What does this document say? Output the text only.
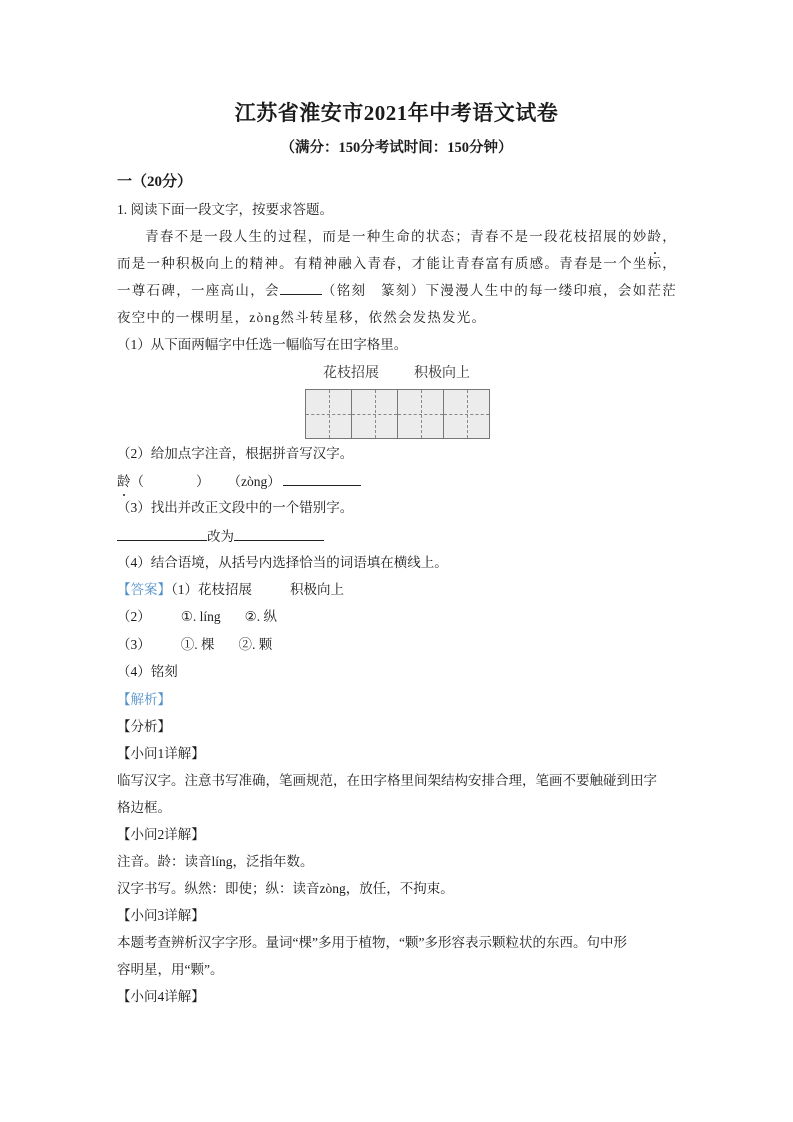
江苏省淮安市2021年中考语文试卷
（满分：150分考试时间：150分钟）
一（20分）
1. 阅读下面一段文字，按要求答题。
青春不是一段人生的过程，而是一种生命的状态；青春不是一段花枝招展的妙龄，而是一种积极向上的精神。有精神融入青春，才能让青春富有质感。青春是一个坐标，一尊石碑，一座高山，会	（铭刻　篆刻）下漫漫人生中的每一缕印痕，会如茫茫夜空中的一棵明星，zòng然斗转星移，依然会发热发光。
（1）从下面两幅字中任选一幅临写在田字格里。
花枝招展	积极向上
（2）给加点字注音，根据拼音写汉字。
龄（	） （zòng）
（3）找出并改正文段中的一个错别字。
改为
（4）结合语境，从括号内选择恰当的词语填在横线上。
【答案】（1）花枝招展	积极向上
（2） ①. líng ②. 纵
（3） ①. 棵 ②. 颗
（4）铭刻
【解析】
【分析】
【小问1详解】
临写汉字。注意书写准确，笔画规范，在田字格里间架结构安排合理，笔画不要触碰到田字
格边框。
【小问2详解】
注音。龄：读音líng，泛指年数。
汉字书写。纵然：即使；纵：读音zòng，放任，不拘束。
【小问3详解】
本题考查辨析汉字字形。量词“棵”多用于植物，“颗”多形容表示颗粒状的东西。句中形
容明星，用“颗”。
【小问4详解】
